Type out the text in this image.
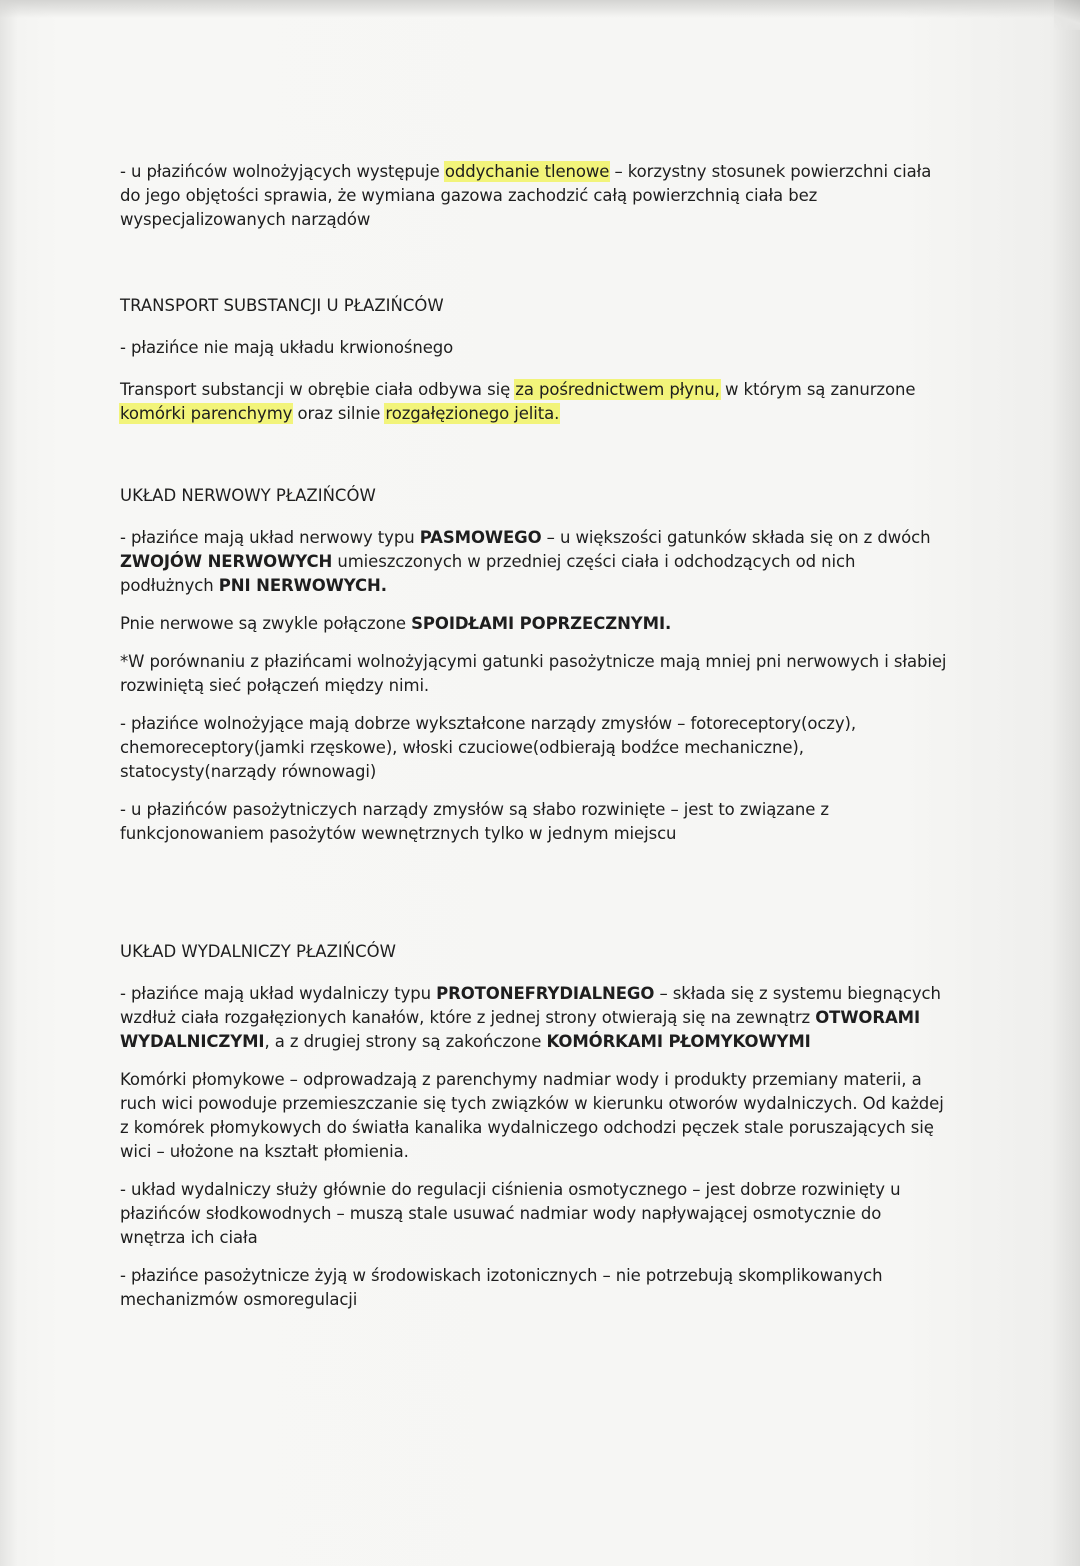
- u płazińców wolnożyjących występuje oddychanie tlenowe – korzystny stosunek powierzchni ciała do jego objętości sprawia, że wymiana gazowa zachodzić całą powierzchnią ciała bez wyspecjalizowanych narządów

TRANSPORT SUBSTANCJI U PŁAZIŃCÓW

- płazińce nie mają układu krwionośnego

Transport substancji w obrębie ciała odbywa się za pośrednictwem płynu, w którym są zanurzone komórki parenchymy oraz silnie rozgałęzionego jelita.

UKŁAD NERWOWY PŁAZIŃCÓW

- płazińce mają układ nerwowy typu PASMOWEGO – u większości gatunków składa się on z dwóch ZWOJÓW NERWOWYCH umieszczonych w przedniej części ciała i odchodzących od nich podłużnych PNI NERWOWYCH.

Pnie nerwowe są zwykle połączone SPOIDŁAMI POPRZECZNYMI.

*W porównaniu z płazińcami wolnożyjącymi gatunki pasożytnicze mają mniej pni nerwowych i słabiej rozwiniętą sieć połączeń między nimi.

- płazińce wolnożyjące mają dobrze wykształcone narządy zmysłów – fotoreceptory(oczy), chemoreceptory(jamki rzęskowe), włoski czuciowe(odbierają bodźce mechaniczne), statocysty(narządy równowagi)

- u płazińców pasożytniczych narządy zmysłów są słabo rozwinięte – jest to związane z funkcjonowaniem pasożytów wewnętrznych tylko w jednym miejscu

UKŁAD WYDALNICZY PŁAZIŃCÓW

- płazińce mają układ wydalniczy typu PROTONEFRYDIALNEGO – składa się z systemu biegnących wzdłuż ciała rozgałęzionych kanałów, które z jednej strony otwierają się na zewnątrz OTWORAMI WYDALNICZYMI, a z drugiej strony są zakończone KOMÓRKAMI PŁOMYKOWYMI

Komórki płomykowe – odprowadzają z parenchymy nadmiar wody i produkty przemiany materii, a ruch wici powoduje przemieszczanie się tych związków w kierunku otworów wydalniczych. Od każdej z komórek płomykowych do światła kanalika wydalniczego odchodzi pęczek stale poruszających się wici – ułożone na kształt płomienia.

- układ wydalniczy służy głównie do regulacji ciśnienia osmotycznego – jest dobrze rozwinięty u płazińców słodkowodnych – muszą stale usuwać nadmiar wody napływającej osmotycznie do wnętrza ich ciała

- płazińce pasożytnicze żyją w środowiskach izotonicznych – nie potrzebują skomplikowanych mechanizmów osmoregulacji
